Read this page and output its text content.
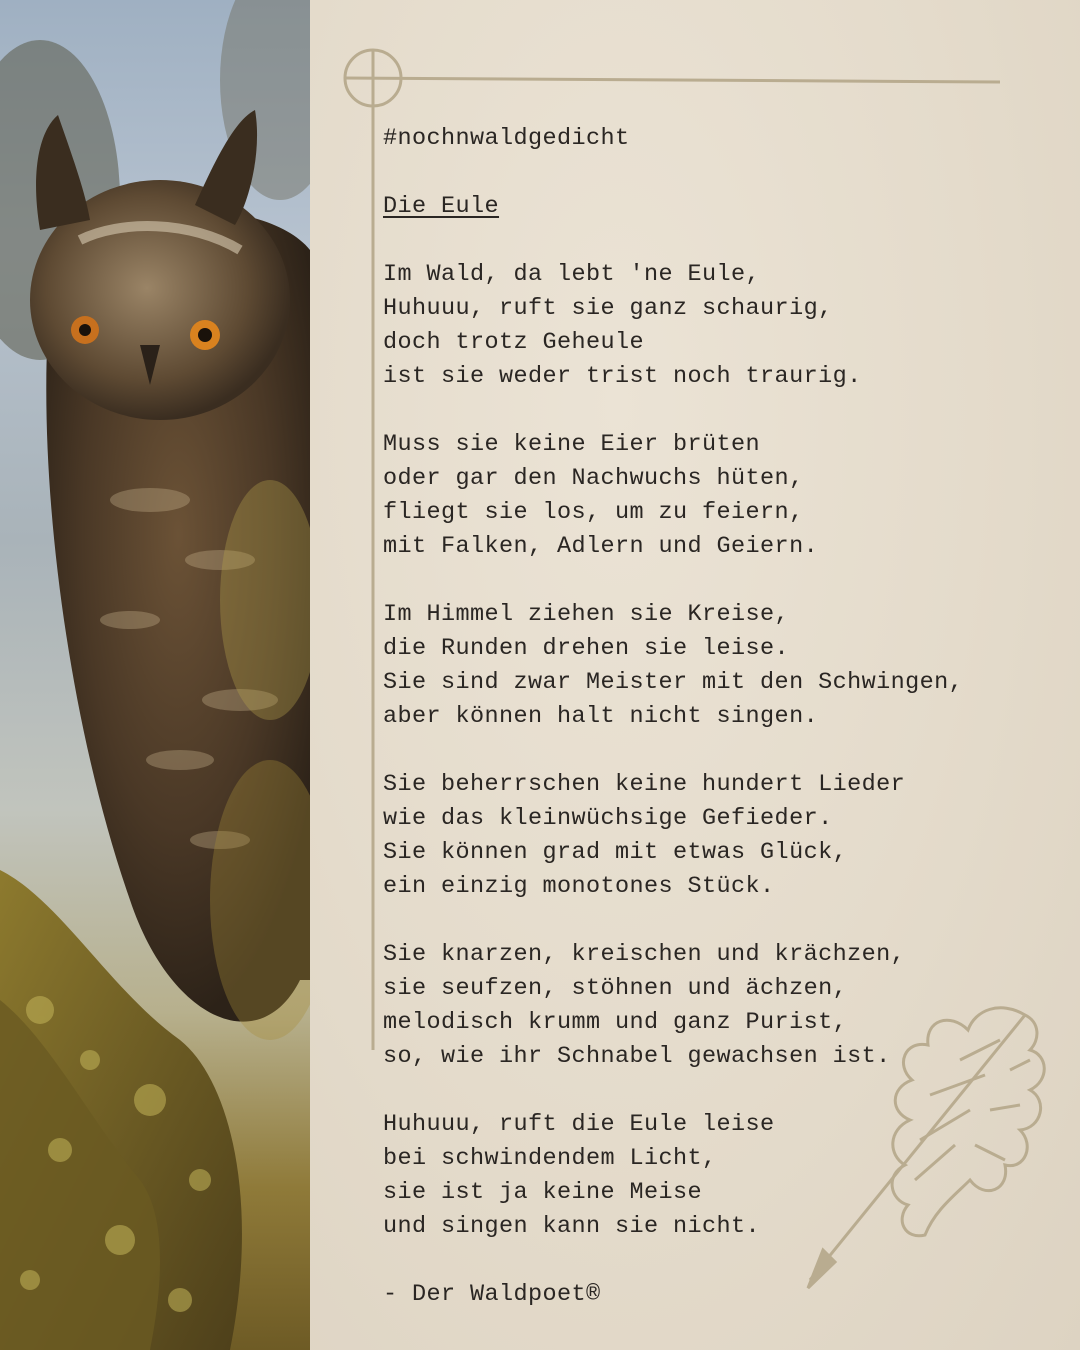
#nochnwaldgedicht
Die Eule
Im Wald, da lebt 'ne Eule,
Huhuuu, ruft sie ganz schaurig,
doch trotz Geheule
ist sie weder trist noch traurig.
Muss sie keine Eier brüten
oder gar den Nachwuchs hüten,
fliegt sie los, um zu feiern,
mit Falken, Adlern und Geiern.
Im Himmel ziehen sie Kreise,
die Runden drehen sie leise.
Sie sind zwar Meister mit den Schwingen,
aber können halt nicht singen.
Sie beherrschen keine hundert Lieder
wie das kleinwüchsige Gefieder.
Sie können grad mit etwas Glück,
ein einzig monotones Stück.
Sie knarzen, kreischen und krächzen,
sie seufzen, stöhnen und ächzen,
melodisch krumm und ganz Purist,
so, wie ihr Schnabel gewachsen ist.
Huhuuu, ruft die Eule leise
bei schwindendem Licht,
sie ist ja keine Meise
und singen kann sie nicht.
- Der Waldpoet®
